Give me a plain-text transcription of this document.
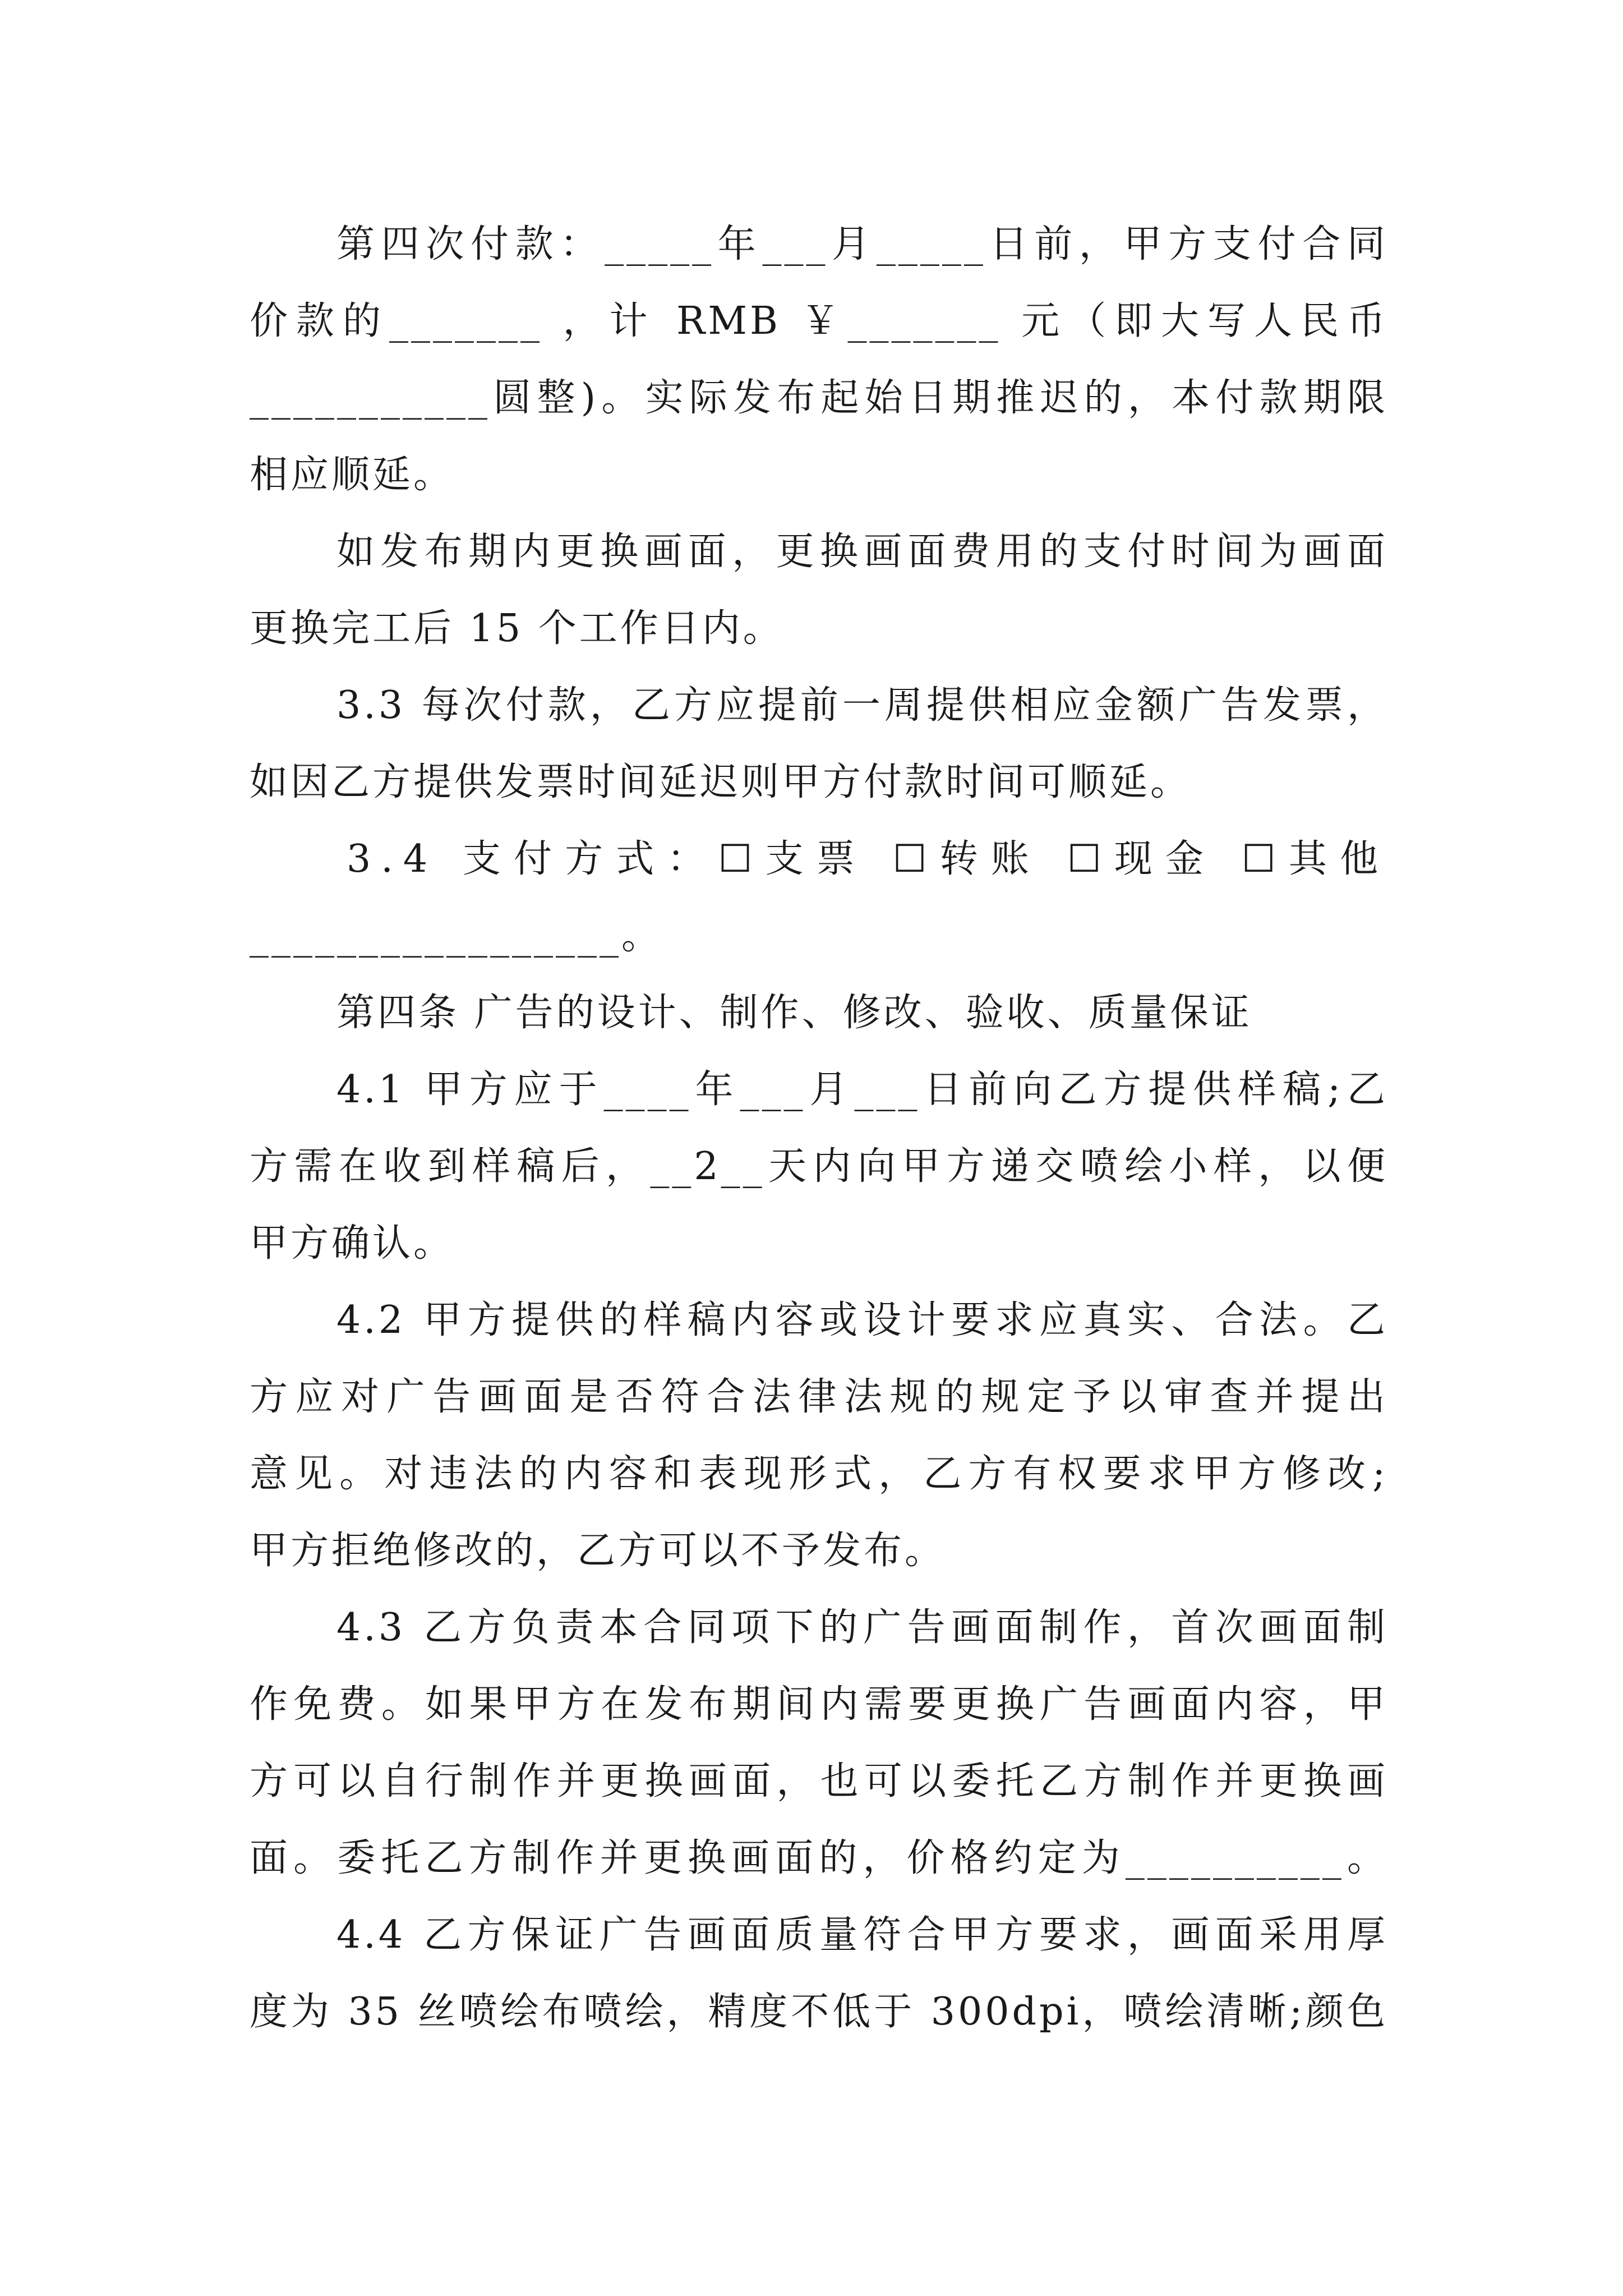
第四次付款：_____年___月_____日前，甲方支付合同
价款的_______ ，计 RMB ￥_______ 元（即大写人民币
___________圆整)。实际发布起始日期推迟的，本付款期限
相应顺延。
如发布期内更换画面，更换画面费用的支付时间为画面
更换完工后 15 个工作日内。
3.3 每次付款，乙方应提前一周提供相应金额广告发票，
如因乙方提供发票时间延迟则甲方付款时间可顺延。
3.4 支付方式：☐支票 ☐转账 ☐现金 ☐其他
_________________。
第四条 广告的设计、制作、修改、验收、质量保证
4.1 甲方应于____年___月___日前向乙方提供样稿;乙
方需在收到样稿后，__2__天内向甲方递交喷绘小样，以便
甲方确认。
4.2 甲方提供的样稿内容或设计要求应真实、合法。乙
方应对广告画面是否符合法律法规的规定予以审查并提出
意见。对违法的内容和表现形式，乙方有权要求甲方修改;
甲方拒绝修改的，乙方可以不予发布。
4.3 乙方负责本合同项下的广告画面制作，首次画面制
作免费。如果甲方在发布期间内需要更换广告画面内容，甲
方可以自行制作并更换画面，也可以委托乙方制作并更换画
面。委托乙方制作并更换画面的，价格约定为__________。
4.4 乙方保证广告画面质量符合甲方要求，画面采用厚
度为 35 丝喷绘布喷绘，精度不低于 300dpi，喷绘清晰;颜色
